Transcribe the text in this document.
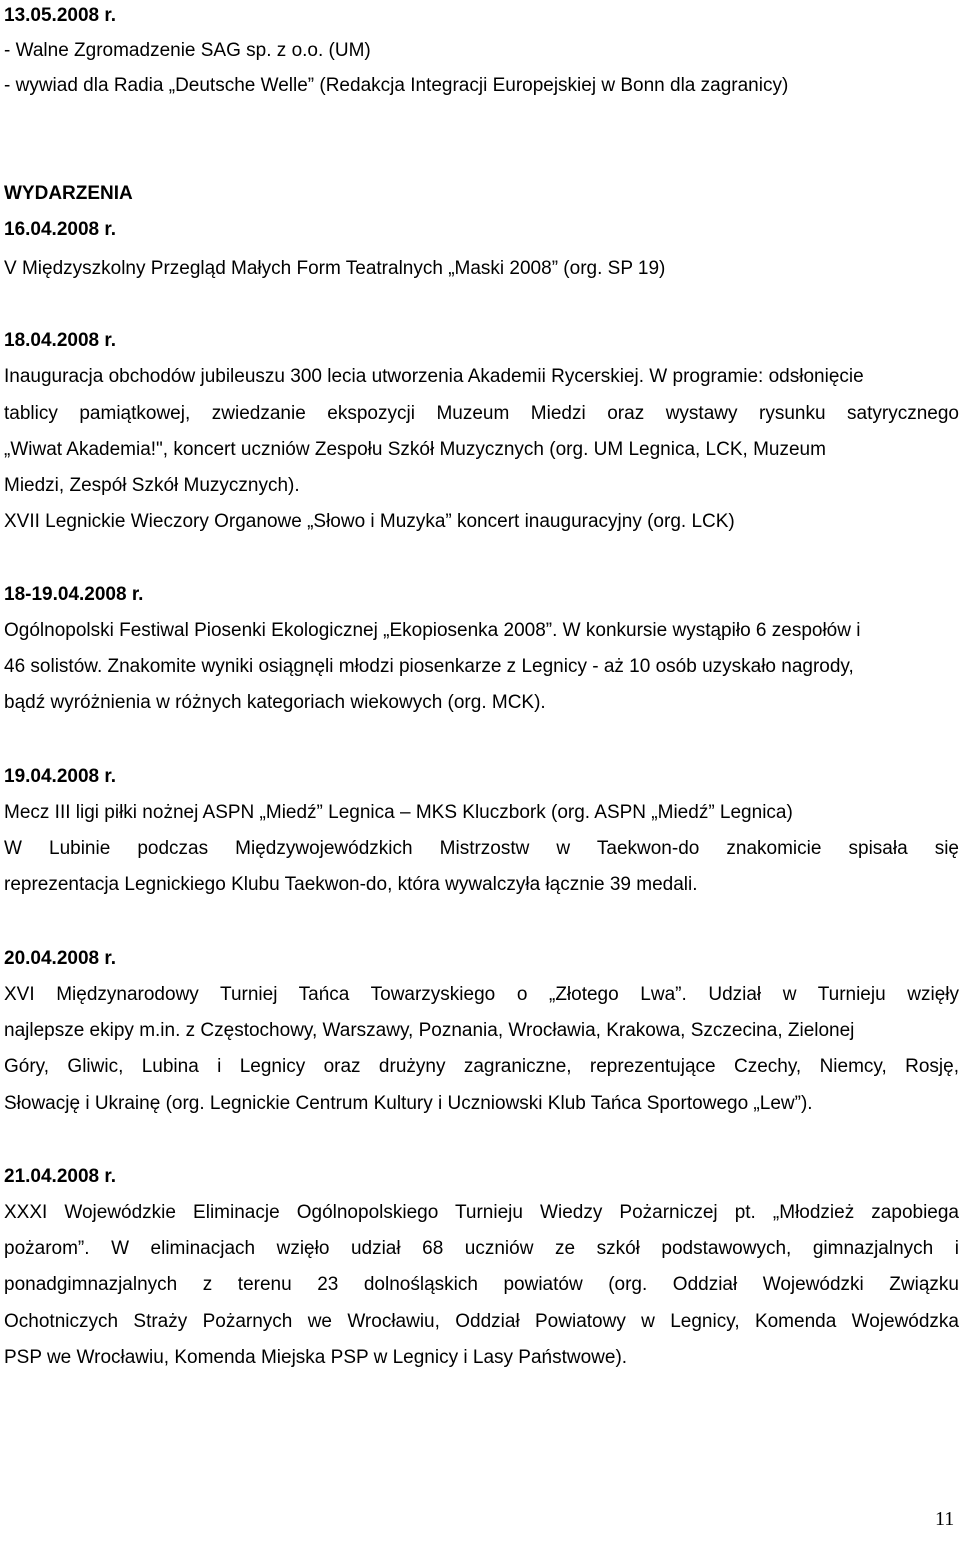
13.05.2008 r.
- Walne Zgromadzenie SAG sp. z o.o. (UM)
- wywiad dla Radia „Deutsche Welle” (Redakcja Integracji Europejskiej w Bonn dla zagranicy)
WYDARZENIA
16.04.2008 r.
V Międzyszkolny Przegląd Małych Form Teatralnych „Maski 2008” (org. SP 19)
18.04.2008 r.
Inauguracja obchodów jubileuszu 300 lecia utworzenia Akademii Rycerskiej. W programie: odsłonięcie
tablicy pamiątkowej, zwiedzanie ekspozycji Muzeum Miedzi oraz wystawy rysunku satyrycznego
„Wiwat Akademia!", koncert uczniów Zespołu Szkół Muzycznych (org. UM Legnica, LCK, Muzeum
Miedzi, Zespół Szkół Muzycznych).
XVII Legnickie Wieczory Organowe „Słowo i Muzyka” koncert inauguracyjny (org. LCK)
18-19.04.2008 r.
Ogólnopolski Festiwal Piosenki Ekologicznej „Ekopiosenka 2008”. W konkursie wystąpiło 6 zespołów i
46 solistów. Znakomite wyniki osiągnęli młodzi piosenkarze z Legnicy - aż 10 osób uzyskało nagrody,
bądź wyróżnienia w różnych kategoriach wiekowych (org. MCK).
19.04.2008 r.
Mecz III ligi piłki nożnej ASPN „Miedź” Legnica – MKS Kluczbork (org. ASPN „Miedź” Legnica)
W Lubinie podczas Międzywojewódzkich Mistrzostw w Taekwon-do znakomicie spisała się
reprezentacja Legnickiego Klubu Taekwon-do, która wywalczyła łącznie 39 medali.
20.04.2008 r.
XVI Międzynarodowy Turniej Tańca Towarzyskiego o „Złotego Lwa”. Udział w Turnieju wzięły
najlepsze ekipy m.in. z Częstochowy, Warszawy, Poznania, Wrocławia, Krakowa, Szczecina, Zielonej
Góry, Gliwic, Lubina i Legnicy oraz drużyny zagraniczne, reprezentujące Czechy, Niemcy, Rosję,
Słowację i Ukrainę (org. Legnickie Centrum Kultury i Uczniowski Klub Tańca Sportowego „Lew”).
21.04.2008 r.
XXXI Wojewódzkie Eliminacje Ogólnopolskiego Turnieju Wiedzy Pożarniczej pt. „Młodzież zapobiega
pożarom”. W eliminacjach wzięło udział 68 uczniów ze szkół podstawowych, gimnazjalnych i
ponadgimnazjalnych z terenu 23 dolnośląskich powiatów (org. Oddział Wojewódzki Związku
Ochotniczych Straży Pożarnych we Wrocławiu, Oddział Powiatowy w Legnicy, Komenda Wojewódzka
PSP we Wrocławiu, Komenda Miejska PSP w Legnicy i Lasy Państwowe).
11
